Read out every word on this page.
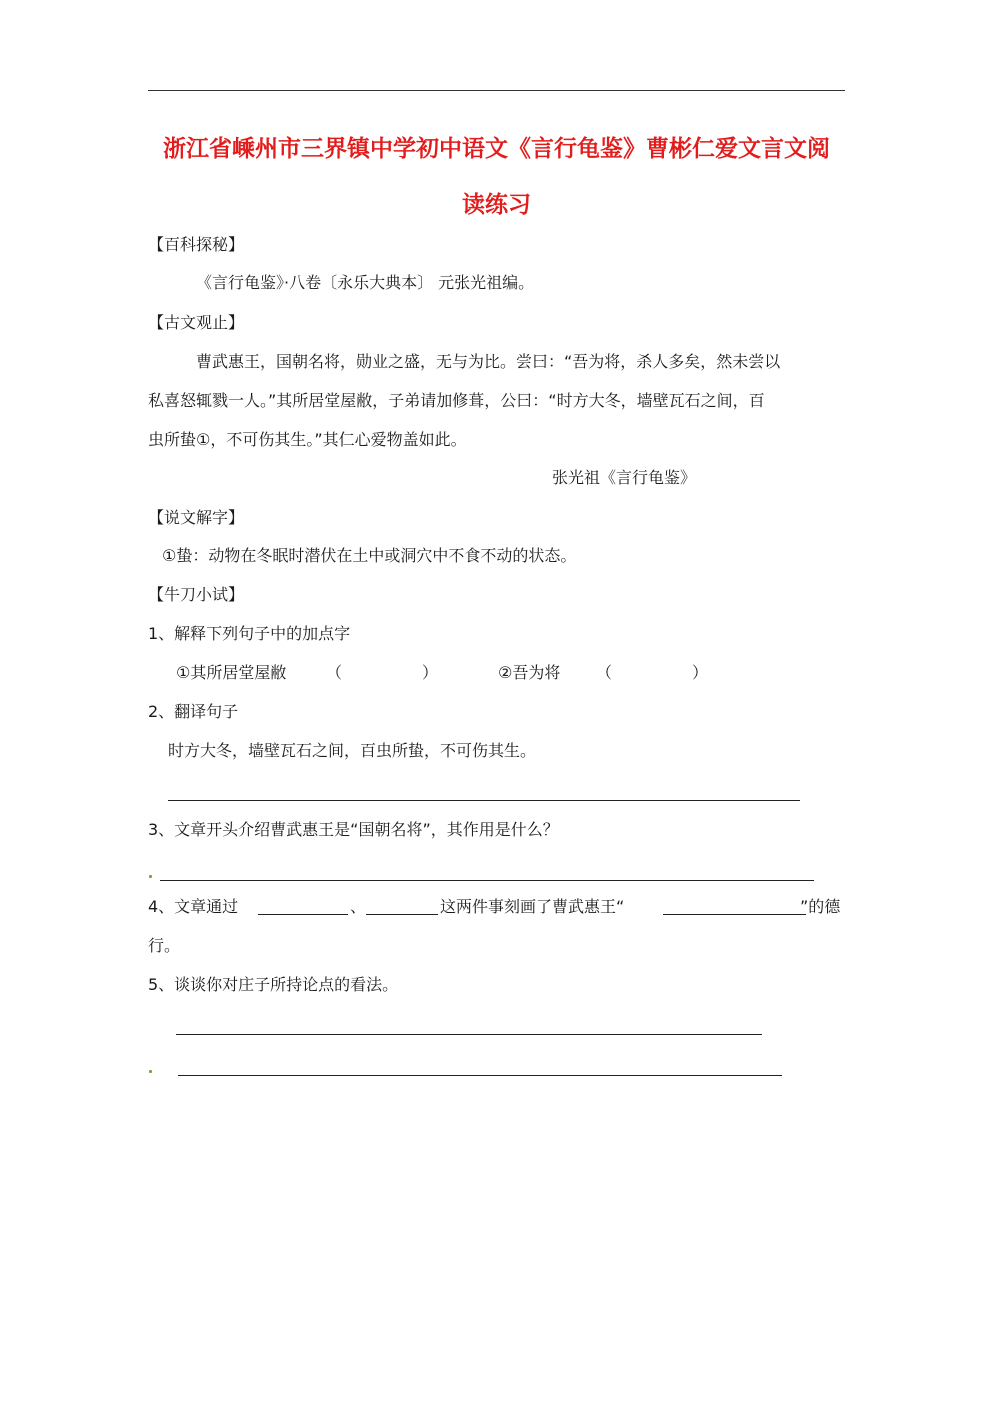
浙江省嵊州市三界镇中学初中语文《言行龟鉴》曹彬仁爱文言文阅
读练习
【百科探秘】
《言行龟鉴》·八卷〔永乐大典本〕 元张光祖编。
【古文观止】
曹武惠王，国朝名将，勋业之盛，无与为比。尝曰：“吾为将，杀人多矣，然未尝以
私喜怒辄戮一人。”其所居堂屋敝，子弟请加修葺，公曰：“时方大冬，墙壁瓦石之间，百
虫所蛰①，不可伤其生。”其仁心爱物盖如此。
张光祖《言行龟鉴》
【说文解字】
①蛰：动物在冬眠时潜伏在土中或洞穴中不食不动的状态。
【牛刀小试】
1、解释下列句子中的加点字
①其所居堂屋敝 （　　　　　）	②吾为将 （　　　　　）
2、翻译句子
时方大冬，墙壁瓦石之间，百虫所蛰，不可伤其生。
3、文章开头介绍曹武惠王是“国朝名将”，其作用是什么？
4、文章通过	、	这两件事刻画了曹武惠王“	”的德
行。
5、谈谈你对庄子所持论点的看法。
